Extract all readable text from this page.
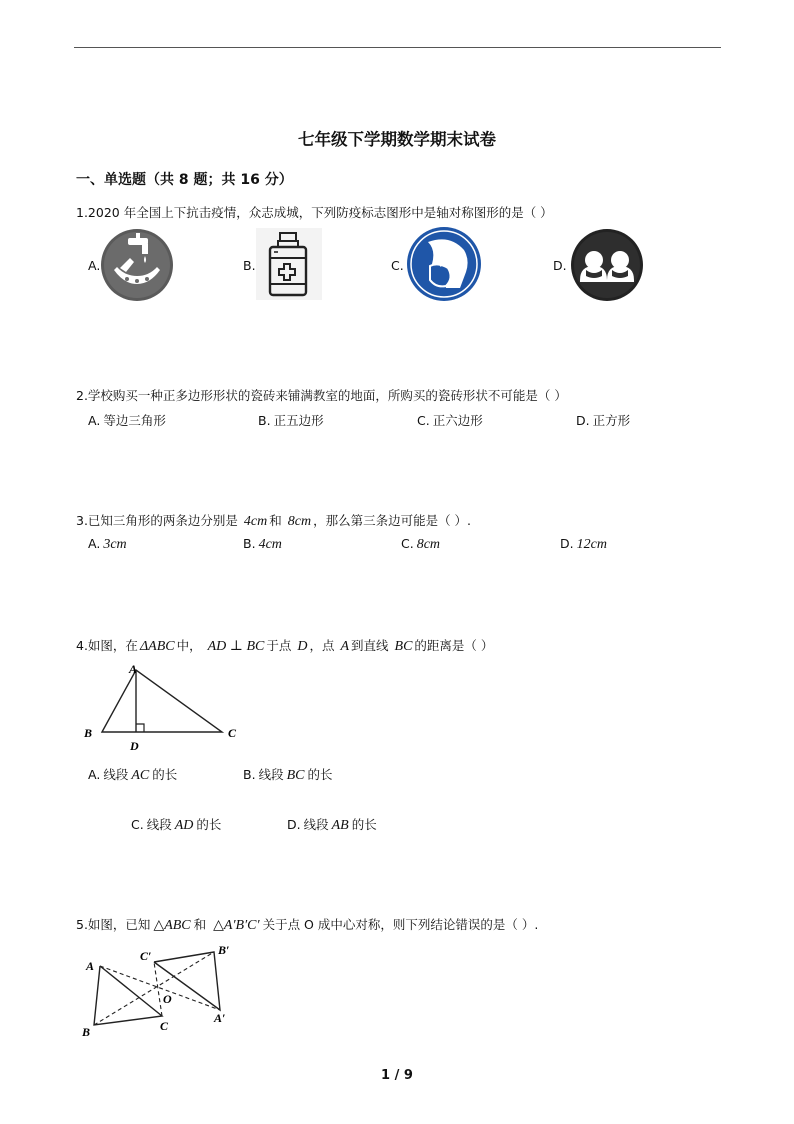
七年级下学期数学期末试卷
一、单选题（共 8 题；共 16 分）
1.2020 年全国上下抗击疫情，众志成城，下列防疫标志图形中是轴对称图形的是（ ）
A.	B.	C.	D.
2.学校购买一种正多边形形状的瓷砖来铺满教室的地面，所购买的瓷砖形状不可能是（ ）
A. 等边三角形	B. 正五边形	C. 正六边形	D. 正方形
3.已知三角形的两条边分别是 4cm 和 8cm ，那么第三条边可能是（ ）.
A. 3cm	B. 4cm	C. 8cm	D. 12cm
4.如图，在 ΔABC 中， AD ⊥ BC 于点 D ，点 A 到直线 BC 的距离是（ ）
A
B	C
D
A. 线段 AC 的长	B. 线段 BC 的长
C. 线段 AD 的长	D. 线段 AB 的长
5.如图，已知 △ABC 和 △A′B′C′ 关于点 O 成中心对称，则下列结论错误的是（ ）.
A
B	C
A′
B′
C′
O
1 / 9
